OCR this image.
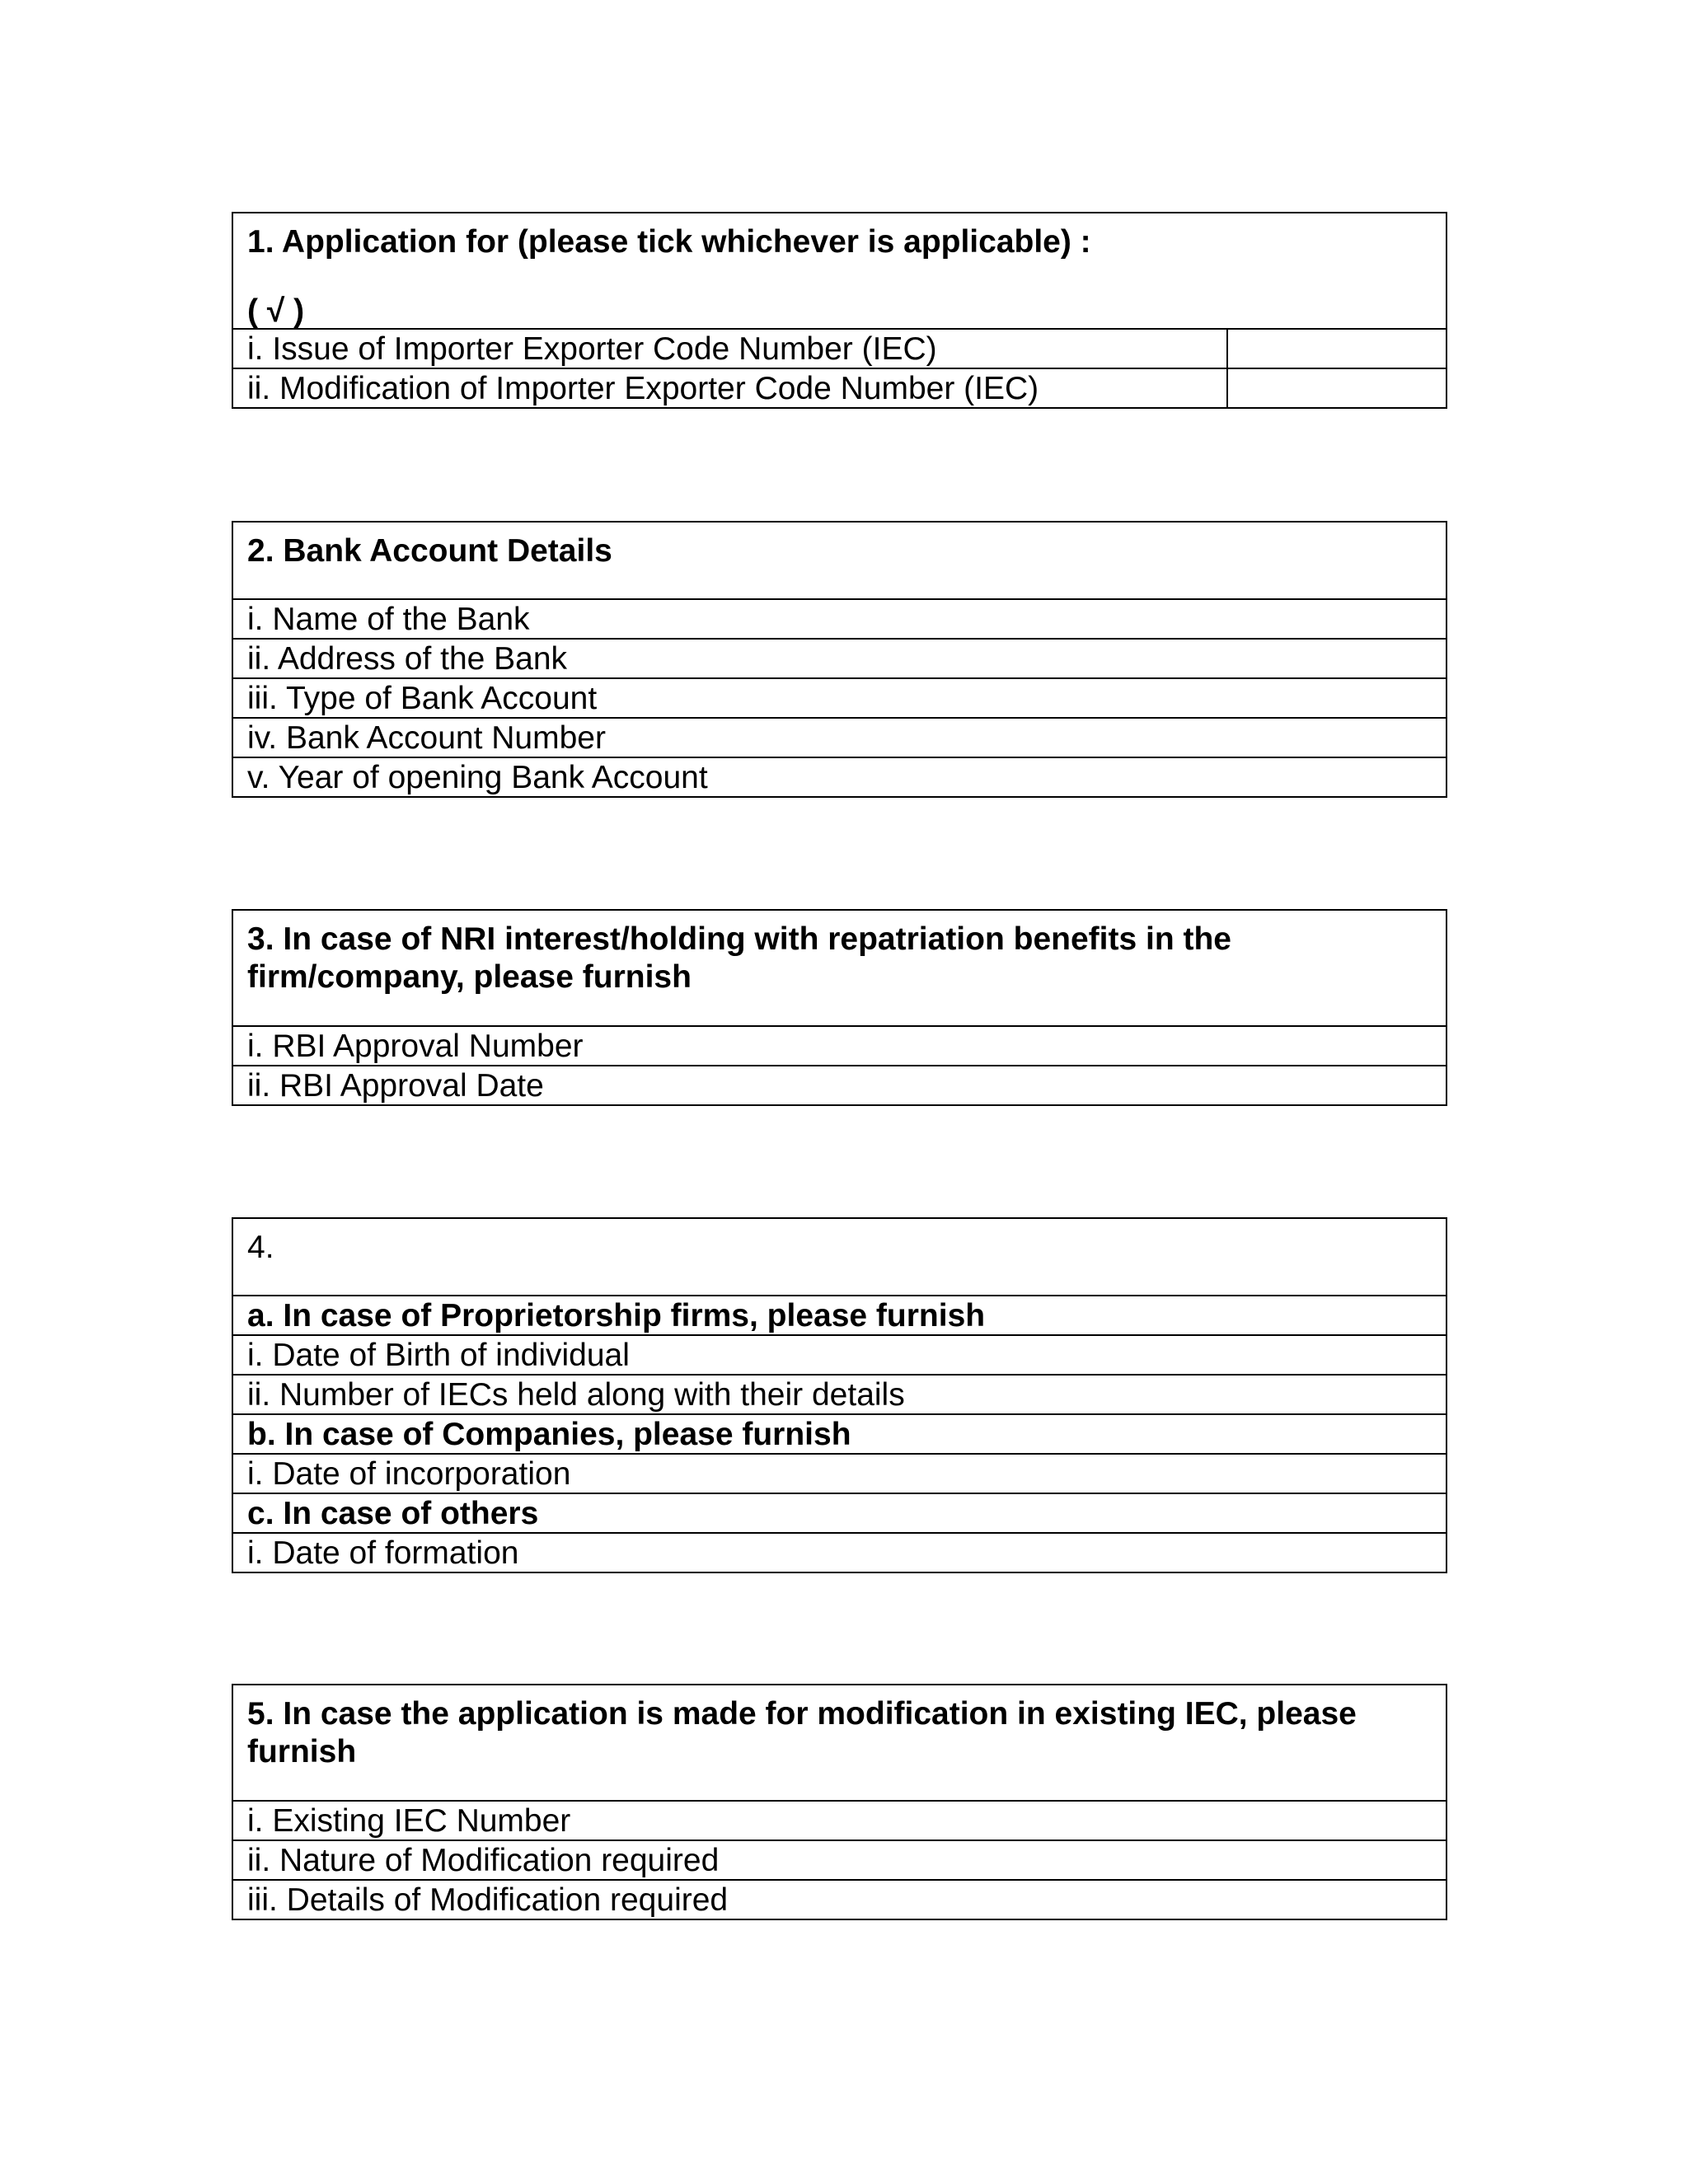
1. Application for (please tick whichever is applicable) :
( √ )
i. Issue of Importer Exporter Code Number (IEC)
ii. Modification of Importer Exporter Code Number (IEC)
2. Bank Account Details
i. Name of the Bank
ii. Address of the Bank
iii. Type of Bank Account
iv. Bank Account Number
v. Year of opening Bank Account
3. In case of NRI interest/holding with repatriation benefits in the
firm/company, please furnish
i. RBI Approval Number
ii. RBI Approval Date
4.
a. In case of Proprietorship firms, please furnish
i. Date of Birth of individual
ii. Number of IECs held along with their details
b. In case of Companies, please furnish
i. Date of incorporation
c. In case of others
i. Date of formation
5. In case the application is made for modification in existing IEC, please
furnish
i. Existing IEC Number
ii. Nature of Modification required
iii. Details of Modification required
